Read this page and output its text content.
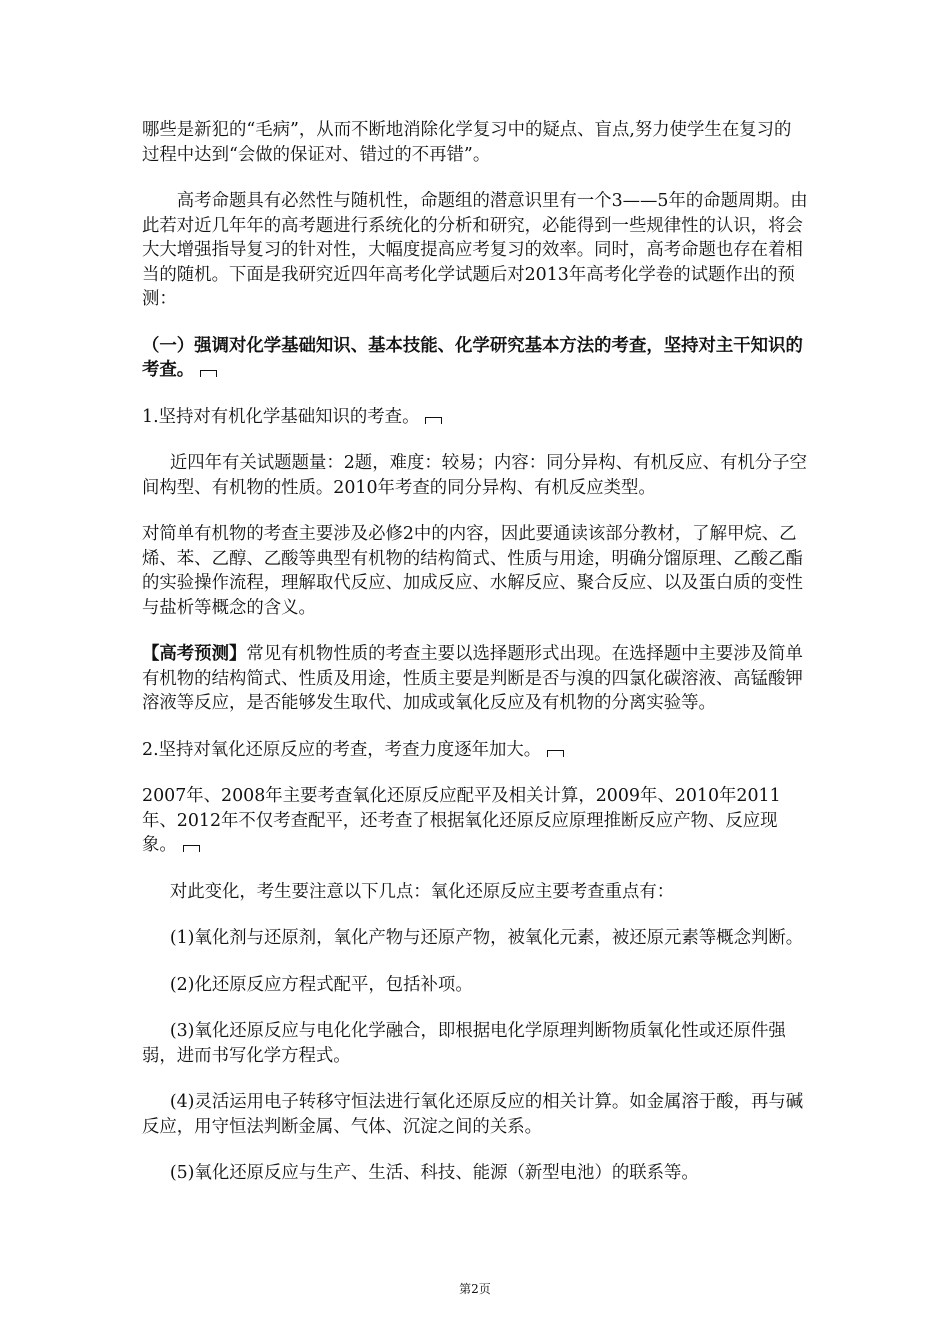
哪些是新犯的“毛病”，从而不断地消除化学复习中的疑点、盲点,努力使学生在复习的过程中达到“会做的保证对、错过的不再错”。

高考命题具有必然性与随机性，命题组的潜意识里有一个3——5年的命题周期。由此若对近几年年的高考题进行系统化的分析和研究，必能得到一些规律性的认识，将会大大增强指导复习的针对性，大幅度提高应考复习的效率。同时，高考命题也存在着相当的随机。下面是我研究近四年高考化学试题后对2013年高考化学卷的试题作出的预测：

（一）强调对化学基础知识、基本技能、化学研究基本方法的考查，坚持对主干知识的考查。

1.坚持对有机化学基础知识的考查。

近四年有关试题题量：2题，难度：较易；内容：同分异构、有机反应、有机分子空间构型、有机物的性质。2010年考查的同分异构、有机反应类型。

对简单有机物的考查主要涉及必修2中的内容，因此要通读该部分教材，了解甲烷、乙烯、苯、乙醇、乙酸等典型有机物的结构简式、性质与用途，明确分馏原理、乙酸乙酯的实验操作流程，理解取代反应、加成反应、水解反应、聚合反应、以及蛋白质的变性与盐析等概念的含义。

【高考预测】常见有机物性质的考查主要以选择题形式出现。在选择题中主要涉及简单有机物的结构简式、性质及用途，性质主要是判断是否与溴的四氯化碳溶液、高锰酸钾溶液等反应，是否能够发生取代、加成或氧化反应及有机物的分离实验等。

2.坚持对氧化还原反应的考查，考查力度逐年加大。

2007年、2008年主要考查氧化还原反应配平及相关计算，2009年、2010年2011年、2012年不仅考查配平，还考查了根据氧化还原反应原理推断反应产物、反应现象。

对此变化，考生要注意以下几点：氧化还原反应主要考查重点有：

(1)氧化剂与还原剂，氧化产物与还原产物，被氧化元素，被还原元素等概念判断。

(2)化还原反应方程式配平，包括补项。

(3)氧化还原反应与电化化学融合，即根据电化学原理判断物质氧化性或还原件强弱，进而书写化学方程式。

(4)灵活运用电子转移守恒法进行氧化还原反应的相关计算。如金属溶于酸，再与碱反应，用守恒法判断金属、气体、沉淀之间的关系。

(5)氧化还原反应与生产、生活、科技、能源（新型电池）的联系等。

第2页
